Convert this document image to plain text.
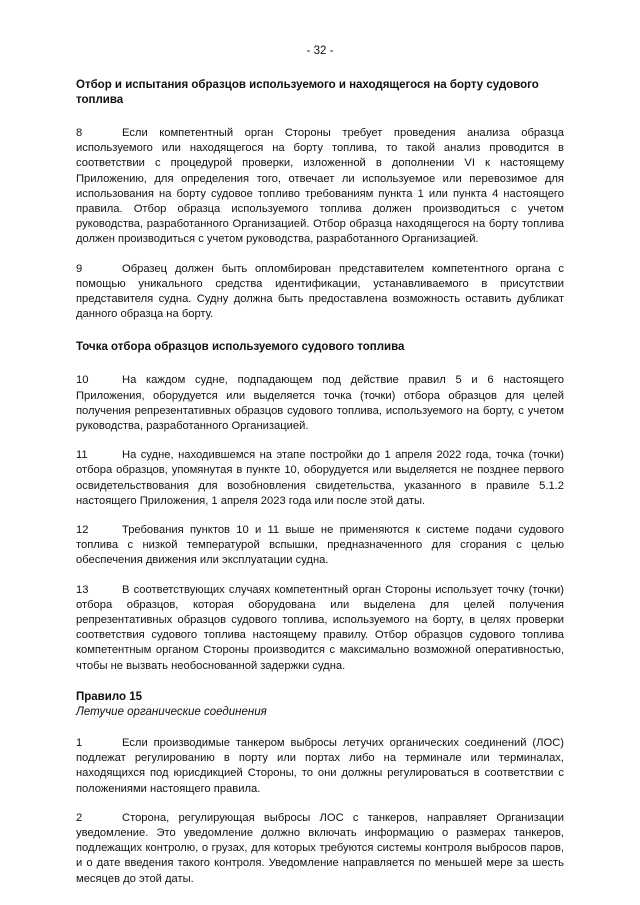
- 32 -
Отбор и испытания образцов используемого и находящегося на борту судового топлива

8	Если компетентный орган Стороны требует проведения анализа образца используемого или находящегося на борту топлива, то такой анализ проводится в соответствии с процедурой проверки, изложенной в дополнении VI к настоящему Приложению, для определения того, отвечает ли используемое или перевозимое для использования на борту судовое топливо требованиям пункта 1 или пункта 4 настоящего правила. Отбор образца используемого топлива должен производиться с учетом руководства, разработанного Организацией. Отбор образца находящегося на борту топлива должен производиться с учетом руководства, разработанного Организацией.

9	Образец должен быть опломбирован представителем компетентного органа с помощью уникального средства идентификации, устанавливаемого в присутствии представителя судна. Судну должна быть предоставлена возможность оставить дубликат данного образца на борту.

Точка отбора образцов используемого судового топлива

10	На каждом судне, подпадающем под действие правил 5 и 6 настоящего Приложения, оборудуется или выделяется точка (точки) отбора образцов для целей получения репрезентативных образцов судового топлива, используемого на борту, с учетом руководства, разработанного Организацией.

11	На судне, находившемся на этапе постройки до 1 апреля 2022 года, точка (точки) отбора образцов, упомянутая в пункте 10, оборудуется или выделяется не позднее первого освидетельствования для возобновления свидетельства, указанного в правиле 5.1.2 настоящего Приложения, 1 апреля 2023 года или после этой даты.

12	Требования пунктов 10 и 11 выше не применяются к системе подачи судового топлива с низкой температурой вспышки, предназначенного для сгорания с целью обеспечения движения или эксплуатации судна.

13	В соответствующих случаях компетентный орган Стороны использует точку (точки) отбора образцов, которая оборудована или выделена для целей получения репрезентативных образцов судового топлива, используемого на борту, в целях проверки соответствия судового топлива настоящему правилу. Отбор образцов судового топлива компетентным органом Стороны производится с максимально возможной оперативностью, чтобы не вызвать необоснованной задержки судна.

Правило 15
Летучие органические соединения

1	Если производимые танкером выбросы летучих органических соединений (ЛОС) подлежат регулированию в порту или портах либо на терминале или терминалах, находящихся под юрисдикцией Стороны, то они должны регулироваться в соответствии с положениями настоящего правила.

2	Сторона, регулирующая выбросы ЛОС с танкеров, направляет Организации уведомление. Это уведомление должно включать информацию о размерах танкеров, подлежащих контролю, о грузах, для которых требуются системы контроля выбросов паров, и о дате введения такого контроля. Уведомление направляется по меньшей мере за шесть месяцев до этой даты.
